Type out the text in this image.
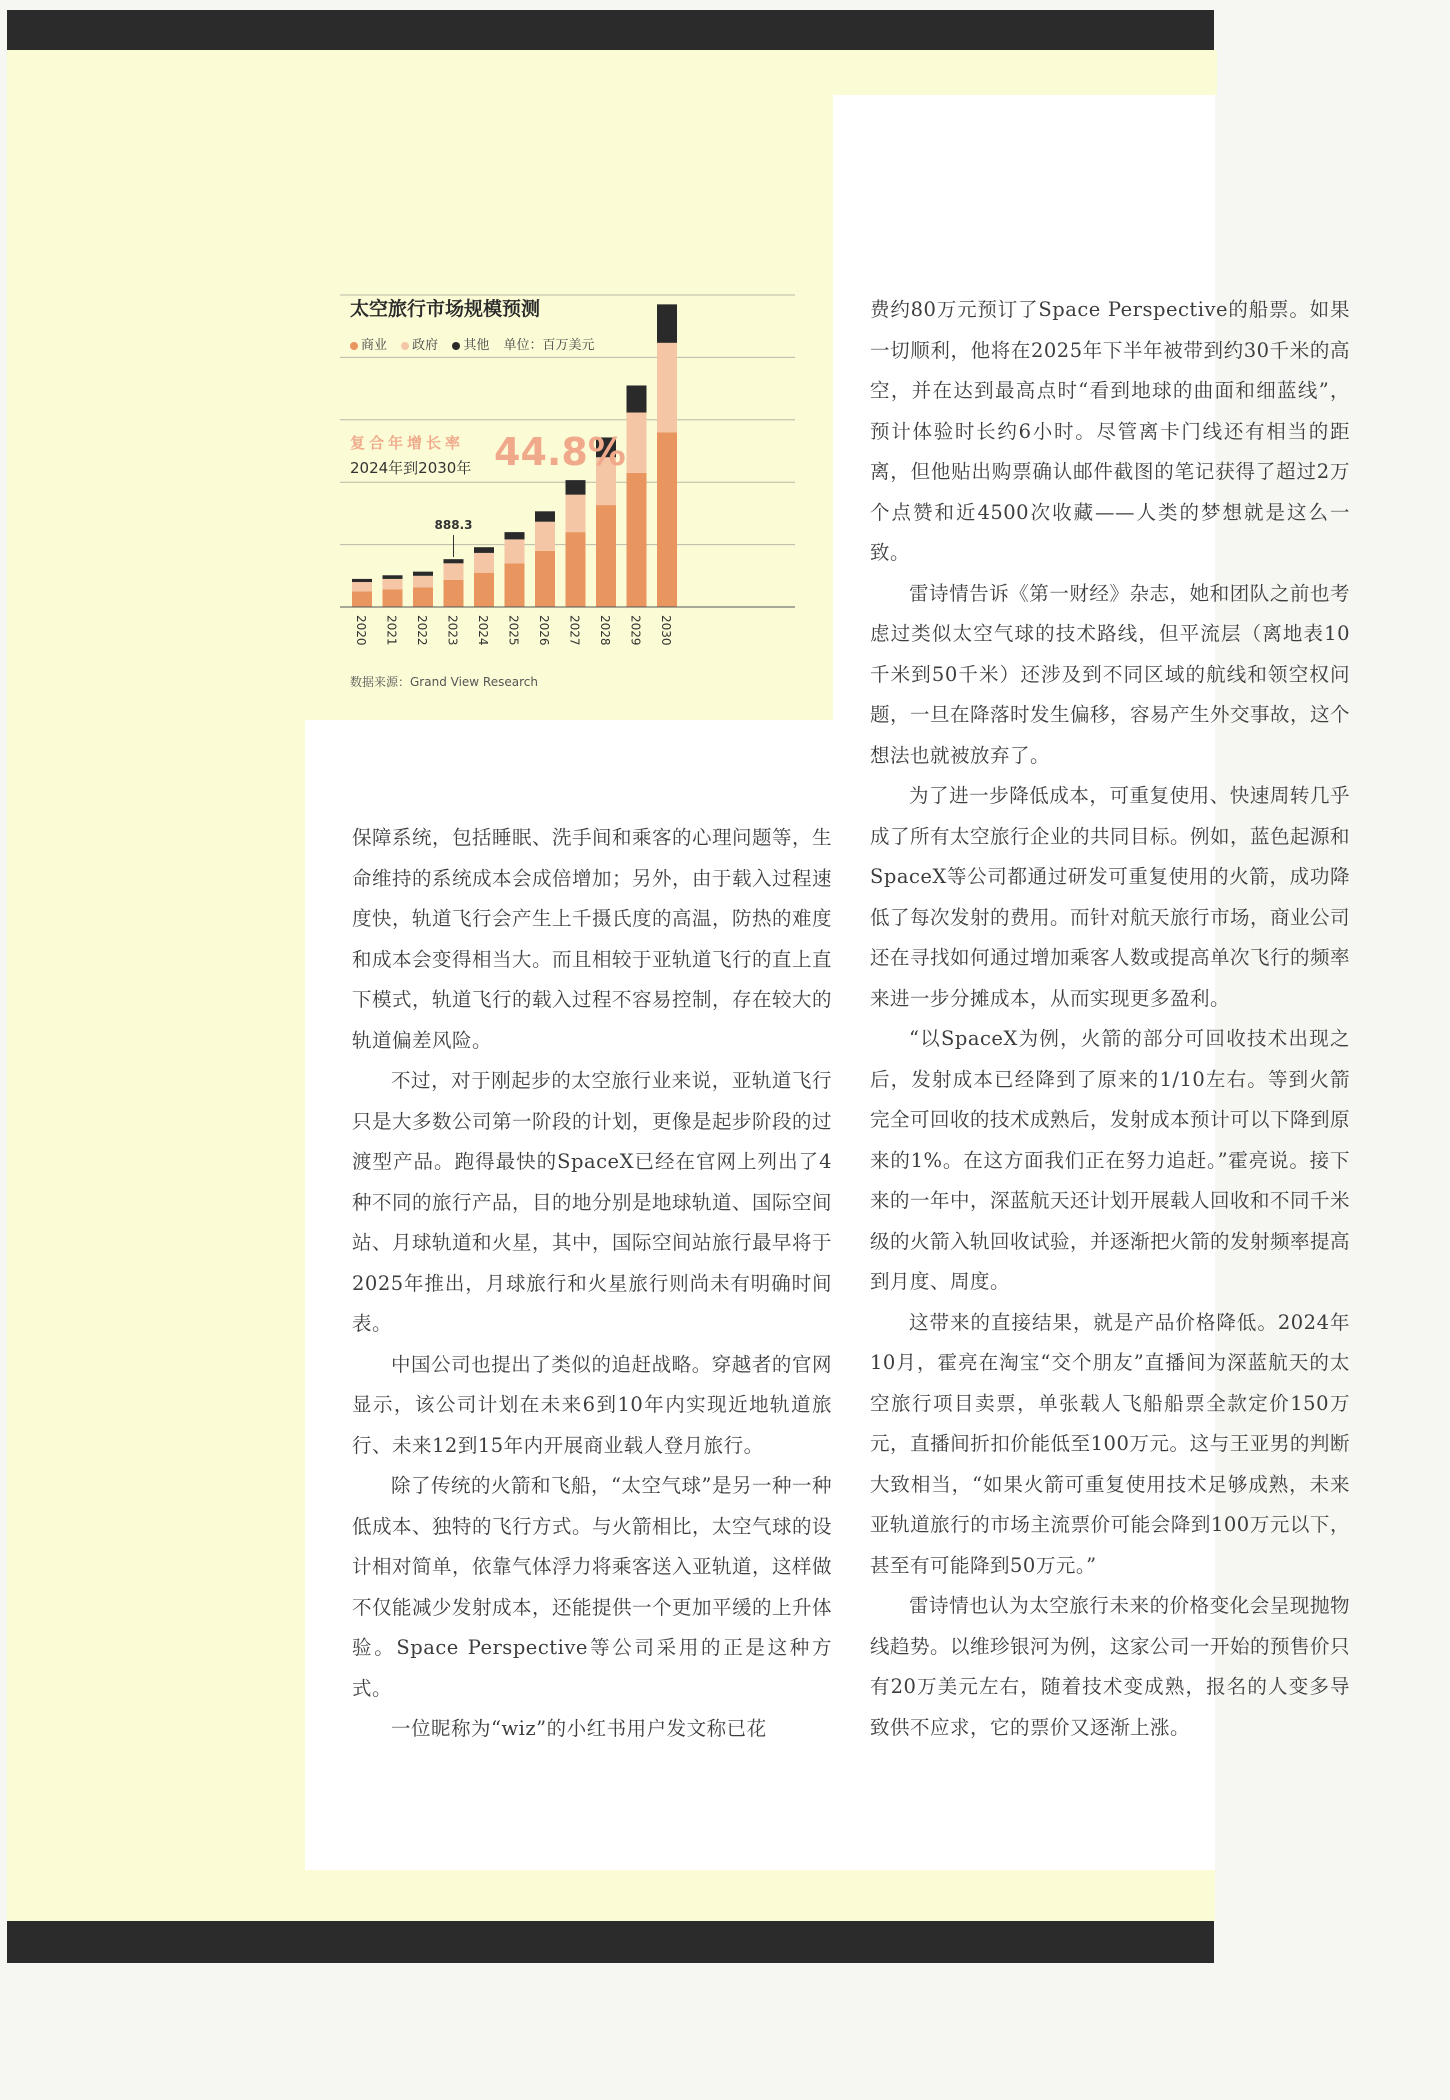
太空旅行市场规模预测
商业 政府 其他 单位：百万美元
2020 2021 2022 2023 2024 2025 2026 2027 2028 2029 2030
888.3
复合年增长率
2024年到2030年 44.8%
数据来源：Grand View Research

保障系统，包括睡眠、洗手间和乘客的心理问题等，生命维持的系统成本会成倍增加；另外，由于载入过程速度快，轨道飞行会产生上千摄氏度的高温，防热的难度和成本会变得相当大。而且相较于亚轨道飞行的直上直下模式，轨道飞行的载入过程不容易控制，存在较大的轨道偏差风险。

不过，对于刚起步的太空旅行业来说，亚轨道飞行只是大多数公司第一阶段的计划，更像是起步阶段的过渡型产品。跑得最快的SpaceX已经在官网上列出了4种不同的旅行产品，目的地分别是地球轨道、国际空间站、月球轨道和火星，其中，国际空间站旅行最早将于2025年推出，月球旅行和火星旅行则尚未有明确时间表。

中国公司也提出了类似的追赶战略。穿越者的官网显示，该公司计划在未来6到10年内实现近地轨道旅行、未来12到15年内开展商业载人登月旅行。

除了传统的火箭和飞船，“太空气球”是另一种一种低成本、独特的飞行方式。与火箭相比，太空气球的设计相对简单，依靠气体浮力将乘客送入亚轨道，这样做不仅能减少发射成本，还能提供一个更加平缓的上升体验。Space Perspective等公司采用的正是这种方式。

一位昵称为“wiz”的小红书用户发文称已花

费约80万元预订了Space Perspective的船票。如果一切顺利，他将在2025年下半年被带到约30千米的高空，并在达到最高点时“看到地球的曲面和细蓝线”，预计体验时长约6小时。尽管离卡门线还有相当的距离，但他贴出购票确认邮件截图的笔记获得了超过2万个点赞和近4500次收藏——人类的梦想就是这么一致。

雷诗情告诉《第一财经》杂志，她和团队之前也考虑过类似太空气球的技术路线，但平流层（离地表10千米到50千米）还涉及到不同区域的航线和领空权问题，一旦在降落时发生偏移，容易产生外交事故，这个想法也就被放弃了。

为了进一步降低成本，可重复使用、快速周转几乎成了所有太空旅行企业的共同目标。例如，蓝色起源和SpaceX等公司都通过研发可重复使用的火箭，成功降低了每次发射的费用。而针对航天旅行市场，商业公司还在寻找如何通过增加乘客人数或提高单次飞行的频率来进一步分摊成本，从而实现更多盈利。

“以SpaceX为例，火箭的部分可回收技术出现之后，发射成本已经降到了原来的1/10左右。等到火箭完全可回收的技术成熟后，发射成本预计可以下降到原来的1%。在这方面我们正在努力追赶。”霍亮说。接下来的一年中，深蓝航天还计划开展载人回收和不同千米级的火箭入轨回收试验，并逐渐把火箭的发射频率提高到月度、周度。

这带来的直接结果，就是产品价格降低。2024年10月，霍亮在淘宝“交个朋友”直播间为深蓝航天的太空旅行项目卖票，单张载人飞船船票全款定价150万元，直播间折扣价能低至100万元。这与王亚男的判断大致相当，“如果火箭可重复使用技术足够成熟，未来亚轨道旅行的市场主流票价可能会降到100万元以下，甚至有可能降到50万元。”

雷诗情也认为太空旅行未来的价格变化会呈现抛物线趋势。以维珍银河为例，这家公司一开始的预售价只有20万美元左右，随着技术变成熟，报名的人变多导致供不应求，它的票价又逐渐上涨。
